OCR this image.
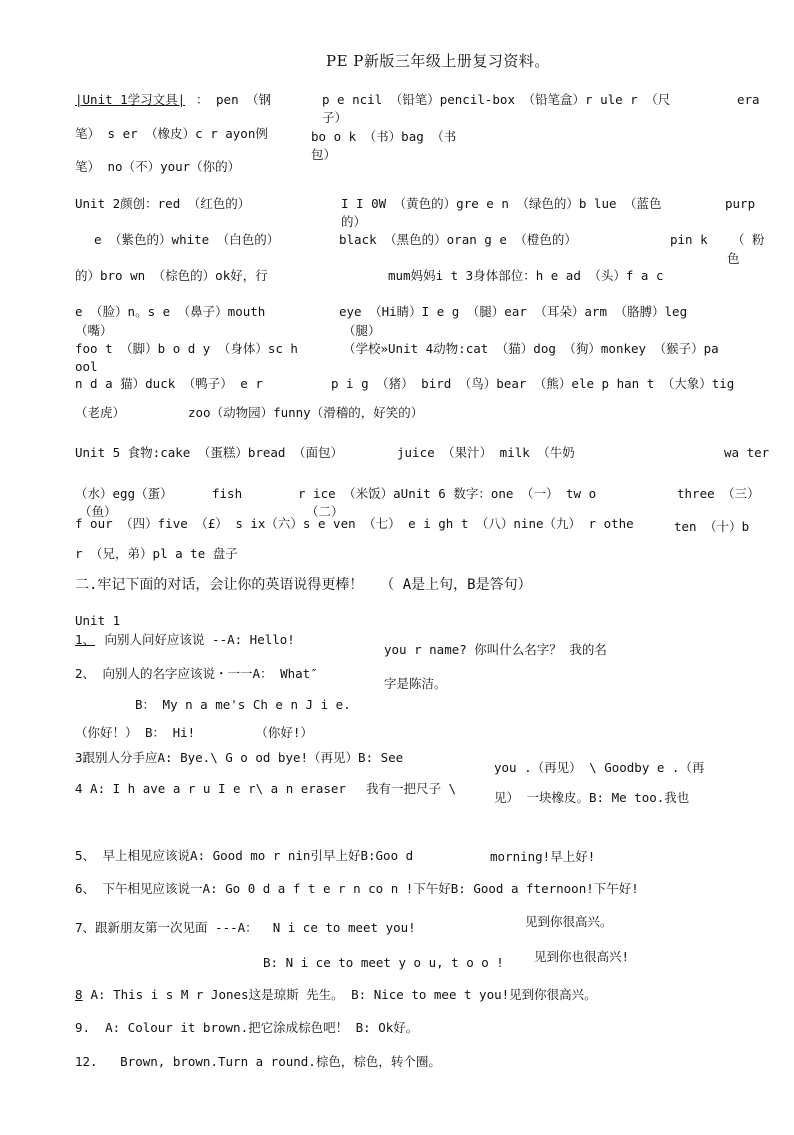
PE P新版三年级上册复习资料。
|Unit 1学习文具| ： pen （钢	p e ncil （铅笔）pencil-box （铅笔盒）r ule r （尺	era
子）
笔） s er （橡皮）c r ayon例	bo o k （书）bag （书
笔） no（不）your（你的）
包）
Unit 2颜创：red （红色的）	I I 0W （黄色的）gre e n （绿色的）b lue （蓝色	purp
的）
e （紫色的）white （白色的）	black （黑色的）oran g e （橙色的）	pin k （ 粉
色
的）bro wn （棕色的）ok好，行	mum妈妈i t 3身体部位：h e ad （头）f a c
e （脸）n。s e （鼻子）mouth	eye （Hi睛）I e g （腿）ear （耳朵）arm （胳膊）leg
（嘴）	（腿）
foo t （脚）b o d y （身体）sc h	（学校»Unit 4动物:cat （猫）dog （狗）monkey （猴子）pa
ool
n d a 猫）duck （鸭子） e r	p i g （猪） bird （鸟）bear （熊）ele p han t （大象）tig
（老虎）	zoo（动物园）funny（滑稽的，好笑的）
Unit 5 食物:cake （蛋糕）bread （面包）	juice （果汁） milk （牛奶	wa ter
（水）egg（蛋）	fish	r ice （米饭）aUnit 6 数字：one （一） tw o	three （三）
（鱼）	（二）
f our （四）five （£） s ix（六）s e ven （七） e i gh t （八）nine（九） r othe	ten （十）b
r （兄，弟）pl a te 盘子
二.牢记下面的对话，会让你的英语说得更棒！  （ A是上句，B是答句）
Unit 1
1、 向别人问好应该说 --A: Hello!
2、 向别人的名字应该说・一一A： What″
you r name? 你叫什么名字？ 我的名
字是陈洁。
B： My n a me's Ch e n J i e.
（你好！） B： Hi!        （你好!）
3跟别人分手应A: Bye.\ G o od bye!（再见）B: See
you .（再见） \ Goodby e .（再
4 A: I h ave a r u I e r\ a n eraser 我有一把尺子 \
见） 一块橡皮。B: Me too.我也
5、 早上相见应该说A: Good mo r nin引早上好B:Goo d	morning!早上好!
6、 下午相见应该说一A: Go 0 d a f t e r n co n !下午好B: Good a fternoon!下午好!
7、跟新朋友第一次见面 ---A：  N i ce to meet you!	见到你很高兴。
B: N i ce to meet y o u, t o o ! 见到你也很高兴!
8 A: This i s M r Jones这是琼斯 先生。 B: Nice to mee t you!见到你很高兴。
9.  A: Colour it brown.把它涂成棕色吧！ B: Ok好。
12.   Brown, brown.Turn a round.棕色，棕色，转个圈。
